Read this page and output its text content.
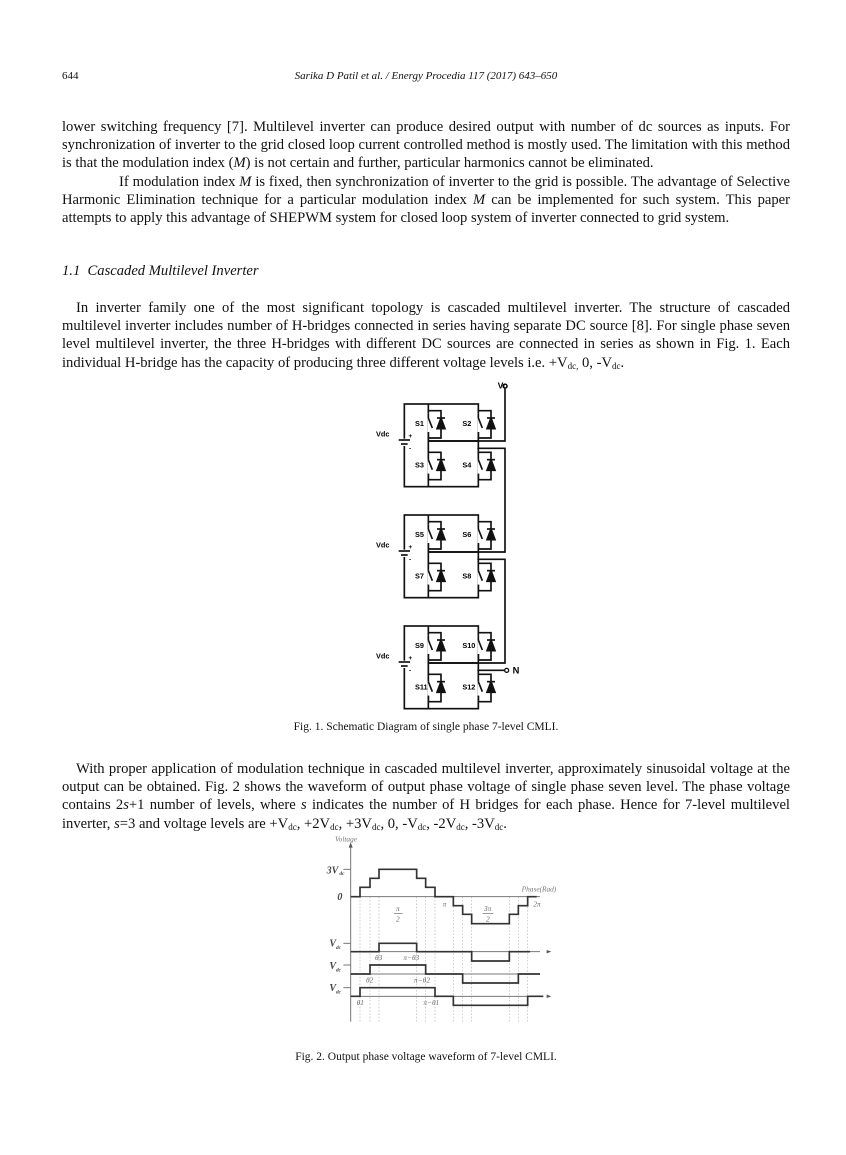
644	Sarika D Patil et al. / Energy Procedia 117 (2017) 643–650

lower switching frequency [7]. Multilevel inverter can produce desired output with number of dc sources as inputs. For synchronization of inverter to the grid closed loop current controlled method is mostly used. The limitation with this method is that the modulation index (M) is not certain and further, particular harmonics cannot be eliminated.

If modulation index M is fixed, then synchronization of inverter to the grid is possible. The advantage of Selective Harmonic Elimination technique for a particular modulation index M can be implemented for such system. This paper attempts to apply this advantage of SHEPWM system for closed loop system of inverter connected to grid system.

1.1 Cascaded Multilevel Inverter
In inverter family one of the most significant topology is cascaded multilevel inverter. The structure of cascaded multilevel inverter includes number of H-bridges connected in series having separate DC source [8]. For single phase seven level multilevel inverter, the three H-bridges with different DC sources are connected in series as shown in Fig. 1. Each individual H-bridge has the capacity of producing three different voltage levels i.e. $+V_{dc,}$ 0, $-V_{dc}$.
Vo
N
S1 S2
S3 S4
Vdc +
-
S5 S6
S7 S8
Vdc +
-
S9 S10
S11 S12
Vdc +
-
Fig. 1. Schematic Diagram of single phase 7-level CMLI.
With proper application of modulation technique in cascaded multilevel inverter, approximately sinusoidal voltage at the output can be obtained. Fig. 2 shows the waveform of output phase voltage of single phase seven level. The phase voltage contains 2s+1 number of levels, where s indicates the number of H bridges for each phase. Hence for 7-level multilevel inverter, s=3 and voltage levels are $+V_{dc}$, $+2V_{dc}$, $+3V_{dc}$, 0, $-V_{dc}$, $-2V_{dc}$, $-3V_{dc}$.
Voltage
Phase(Rad)
3V dc
0
V dc
V dc
V dc
π
2
π 3π
2
2π
θ3 π−θ3
θ2 π−θ2
θ1	π−θ1
Fig. 2. Output phase voltage waveform of 7-level CMLI.
